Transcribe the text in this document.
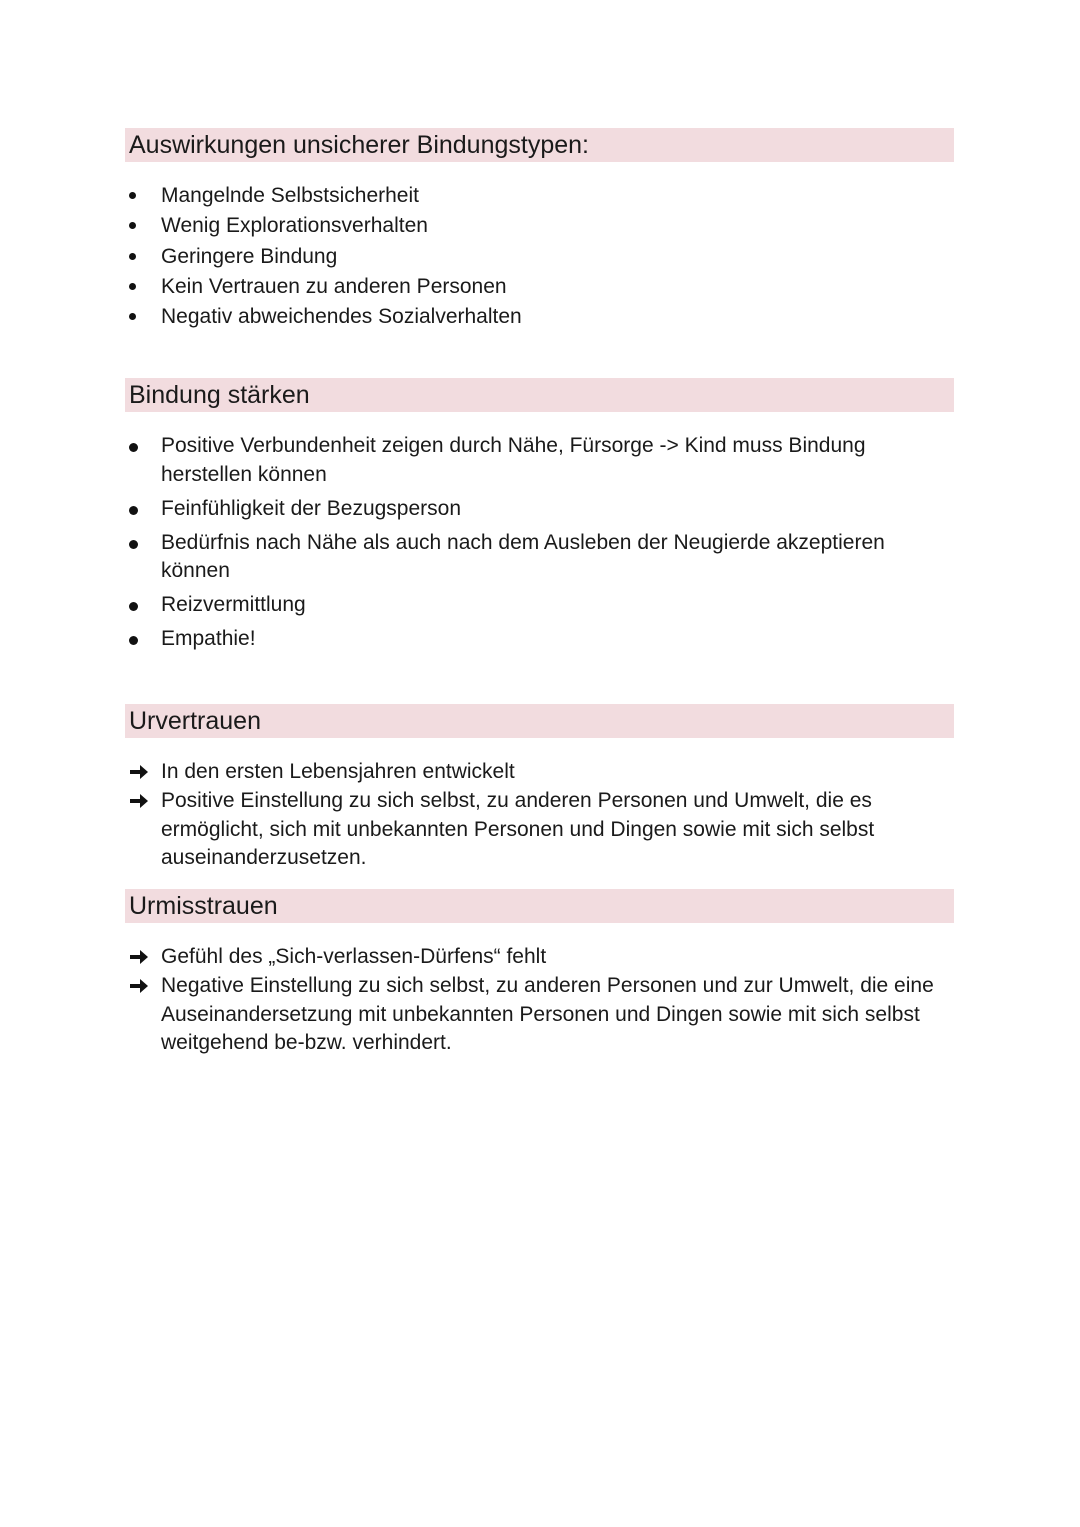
Auswirkungen unsicherer Bindungstypen:
Mangelnde Selbstsicherheit
Wenig Explorationsverhalten
Geringere Bindung
Kein Vertrauen zu anderen Personen
Negativ abweichendes Sozialverhalten
Bindung stärken
Positive Verbundenheit zeigen durch Nähe, Fürsorge -> Kind muss Bindung herstellen können
Feinfühligkeit der Bezugsperson
Bedürfnis nach Nähe als auch nach dem Ausleben der Neugierde akzeptieren können
Reizvermittlung
Empathie!
Urvertrauen
In den ersten Lebensjahren entwickelt
Positive Einstellung zu sich selbst, zu anderen Personen und Umwelt, die es ermöglicht, sich mit unbekannten Personen und Dingen sowie mit sich selbst auseinanderzusetzen.
Urmisstrauen
Gefühl des „Sich-verlassen-Dürfens“ fehlt
Negative Einstellung zu sich selbst, zu anderen Personen und zur Umwelt, die eine Auseinandersetzung mit unbekannten Personen und Dingen sowie mit sich selbst weitgehend be-bzw. verhindert.
